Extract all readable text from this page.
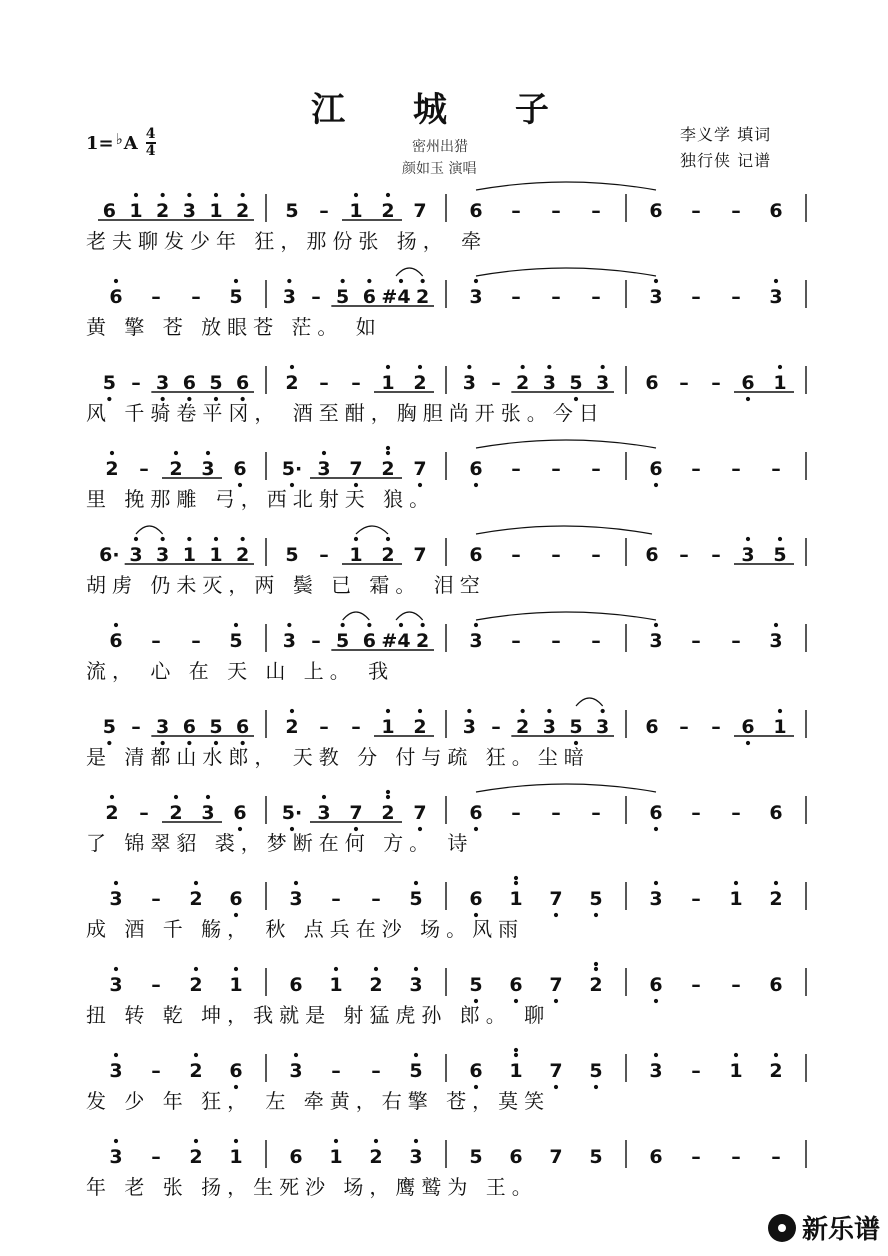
江 城 子
1= ♭ A $\frac{4}{4}$	密州出猎
颜如玉 演唱
李义学 填词
独行侠 记谱
6 1 2 3 1 2 5 – 1 2 7 6 – – –	6 – – 6
老夫聊发少年 狂，那份张 扬， 牵
6 – – 5 3 – 5 6 #4 2 3 – – –	3 – – 3
黄 擎 苍 放眼苍 茫。 如
5 – 3 6 5 6 2 – – 1 2 3 – 2 3 5 3 6 – – 6 1
风 千骑卷平冈， 酒至酣，胸胆尚开张。今日
2 – 2 3 6 5· 3 7 2 7 6 – – –	6 – – –
里 挽那雕 弓，西北射天 狼。
6· 3 3 1 1 2 5 – 1 2 7 6 – – – 6 – – 3 5
胡虏 仍未灭，两 鬓 已 霜。 泪空
6 – – 5 3 – 5 6 #4 2 3 – – –	3 – – 3
流， 心 在 天 山 上。 我
5 – 3 6 5 6 2 – – 1 2 3 – 2 3 5 3 6 – – 6 1
是 清都山水郎， 天教 分 付与疏 狂。尘暗
2 – 2 3 6 5· 3 7 2 7 6 – – –	6 – – 6
了 锦翠貂 裘，梦断在何 方。 诗
3 – 2 6 3 – – 5 6 1 7 5 3 – 1 2
成 酒 千 觞， 秋 点兵在沙 场。风雨
3 – 2 1 6 1 2 3 5 6 7 2 6 – – 6
扭 转 乾 坤，我就是 射猛虎孙 郎。 聊
3 – 2 6 3 – – 5 6 1 7 5 3 – 1 2
发 少 年 狂， 左 牵黄，右擎 苍，莫笑
3 – 2 1 6 1 2 3 5 6 7 5 6 – – –
年 老 张 扬，生死沙 场，鹰鹫为 王。
新乐谱
